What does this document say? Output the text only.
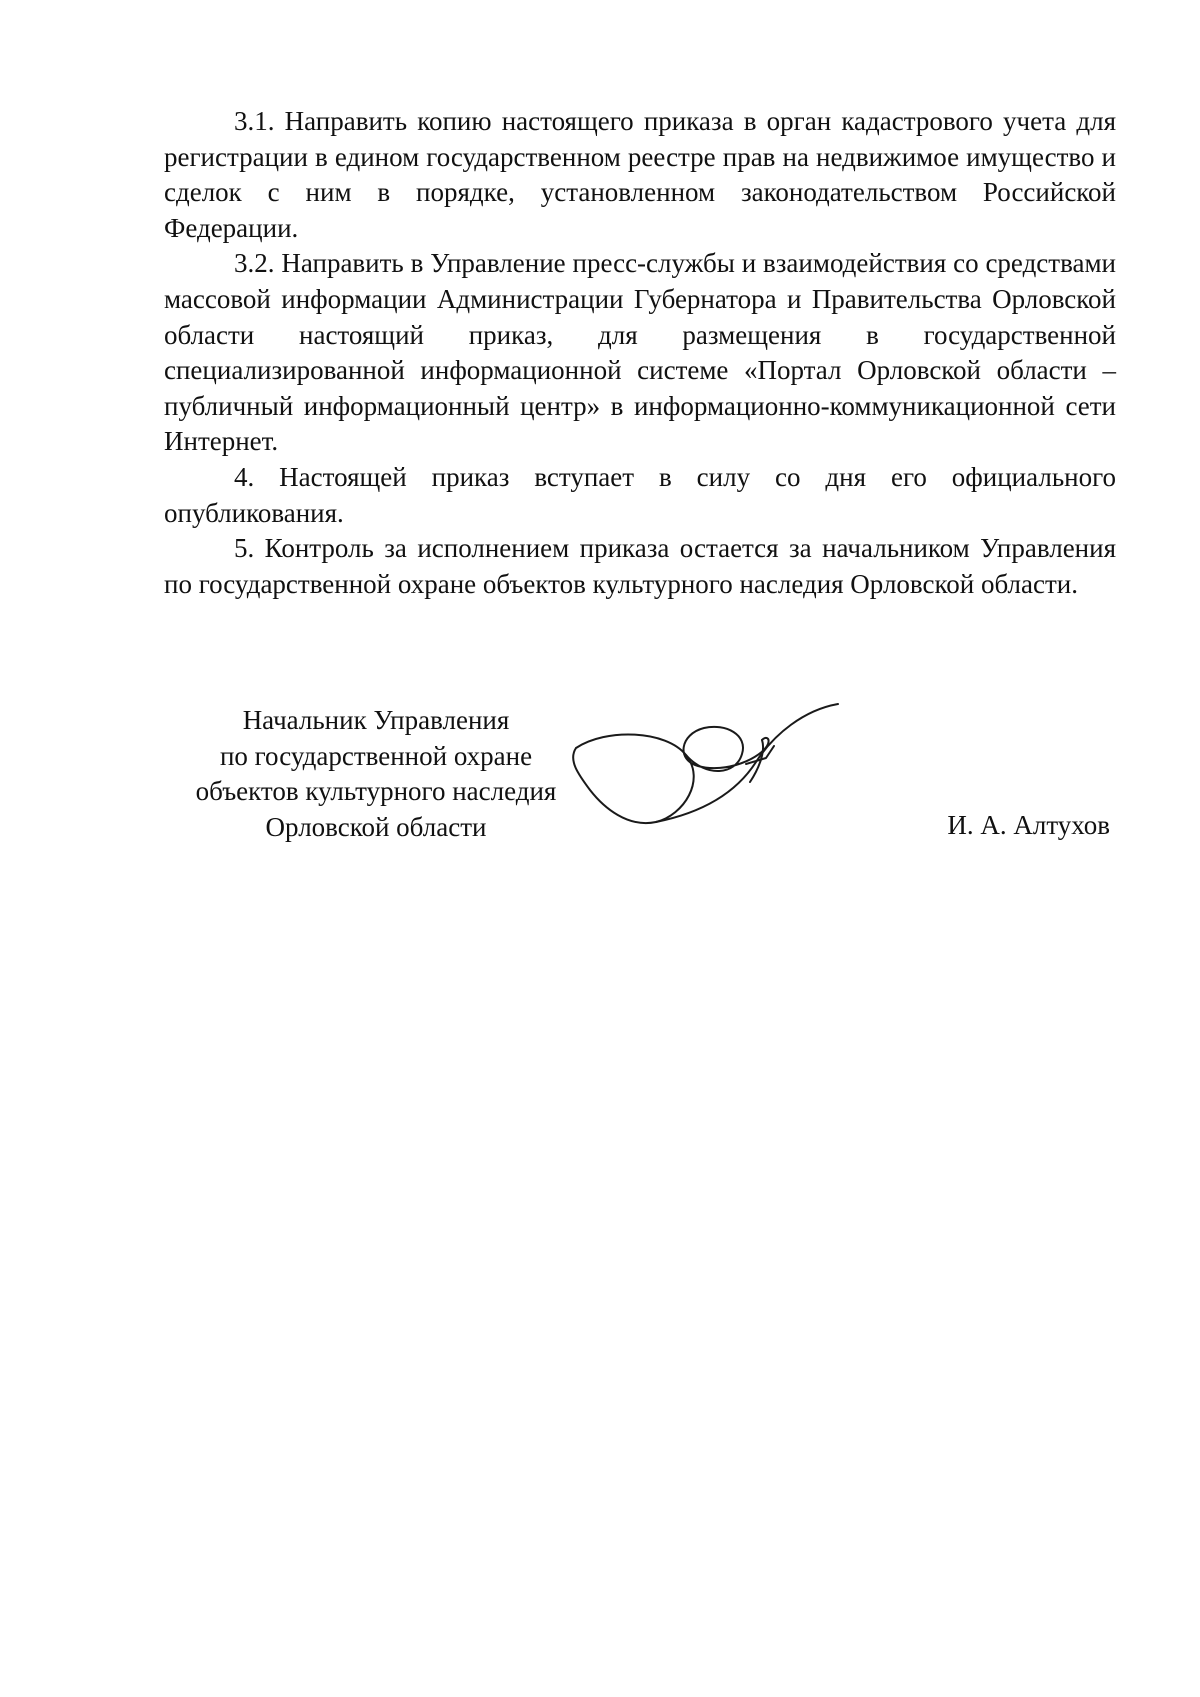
3.1. Направить копию настоящего приказа в орган кадастрового учета для регистрации в едином государственном реестре прав на недвижимое имущество и сделок с ним в порядке, установленном законодательством Российской Федерации.

3.2. Направить в Управление пресс-службы и взаимодействия со средствами массовой информации Администрации Губернатора и Правительства Орловской области настоящий приказ, для размещения в государственной специализированной информационной системе «Портал Орловской области – публичный информационный центр» в информационно-коммуникационной сети Интернет.

4. Настоящей приказ вступает в силу со дня его официального опубликования.

5. Контроль за исполнением приказа остается за начальником Управления по государственной охране объектов культурного наследия Орловской области.

Начальник Управления
по государственной охране
объектов культурного наследия
Орловской области	И. А. Алтухов
